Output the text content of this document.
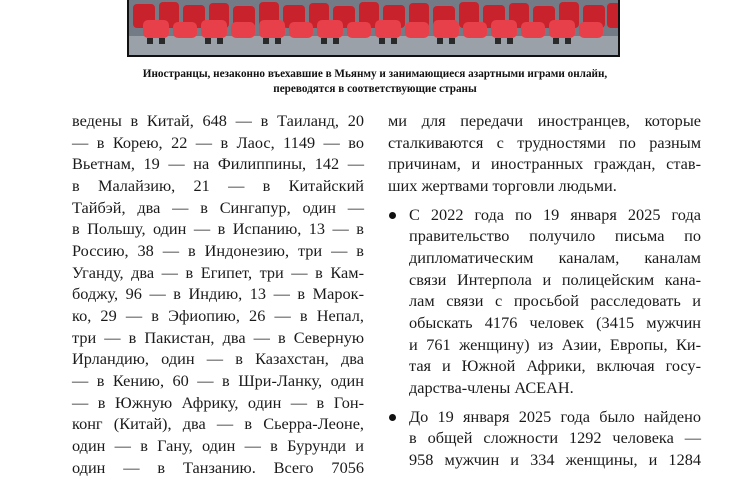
Иностранцы, незаконно въехавшие в Мьянму и занимающиеся азартными играми онлайн,
переводятся в соответствующие страны
ведены в Китай, 648 — в Таиланд, 20
— в Корею, 22 — в Лаос, 1149 — во
Вьетнам, 19 — на Филиппины, 142 —
в Малайзию, 21 — в Китайский
Тайбэй, два — в Сингапур, один —
в Польшу, один — в Испанию, 13 — в
Россию, 38 — в Индонезию, три — в
Уганду, два — в Египет, три — в Кам-
боджу, 96 — в Индию, 13 — в Марок-
ко, 29 — в Эфиопию, 26 — в Непал,
три — в Пакистан, два — в Северную
Ирландию, один — в Казахстан, два
— в Кению, 60 — в Шри-Ланку, один
— в Южную Африку, один — в Гон-
конг (Китай), два — в Сьерра-Леоне,
один — в Гану, один — в Бурунди и
один — в Танзанию. Всего 7056
ми для передачи иностранцев, которые
сталкиваются с трудностями по разным
причинам, и иностранных граждан, став-
ших жертвами торговли людьми.
С 2022 года по 19 января 2025 года
правительство получило письма по
дипломатическим каналам, каналам
связи Интерпола и полицейским кана-
лам связи с просьбой расследовать и
обыскать 4176 человек (3415 мужчин
и 761 женщину) из Азии, Европы, Ки-
тая и Южной Африки, включая госу-
дарства-члены АСЕАН.
До 19 января 2025 года было найдено
в общей сложности 1292 человека —
958 мужчин и 334 женщины, и 1284
